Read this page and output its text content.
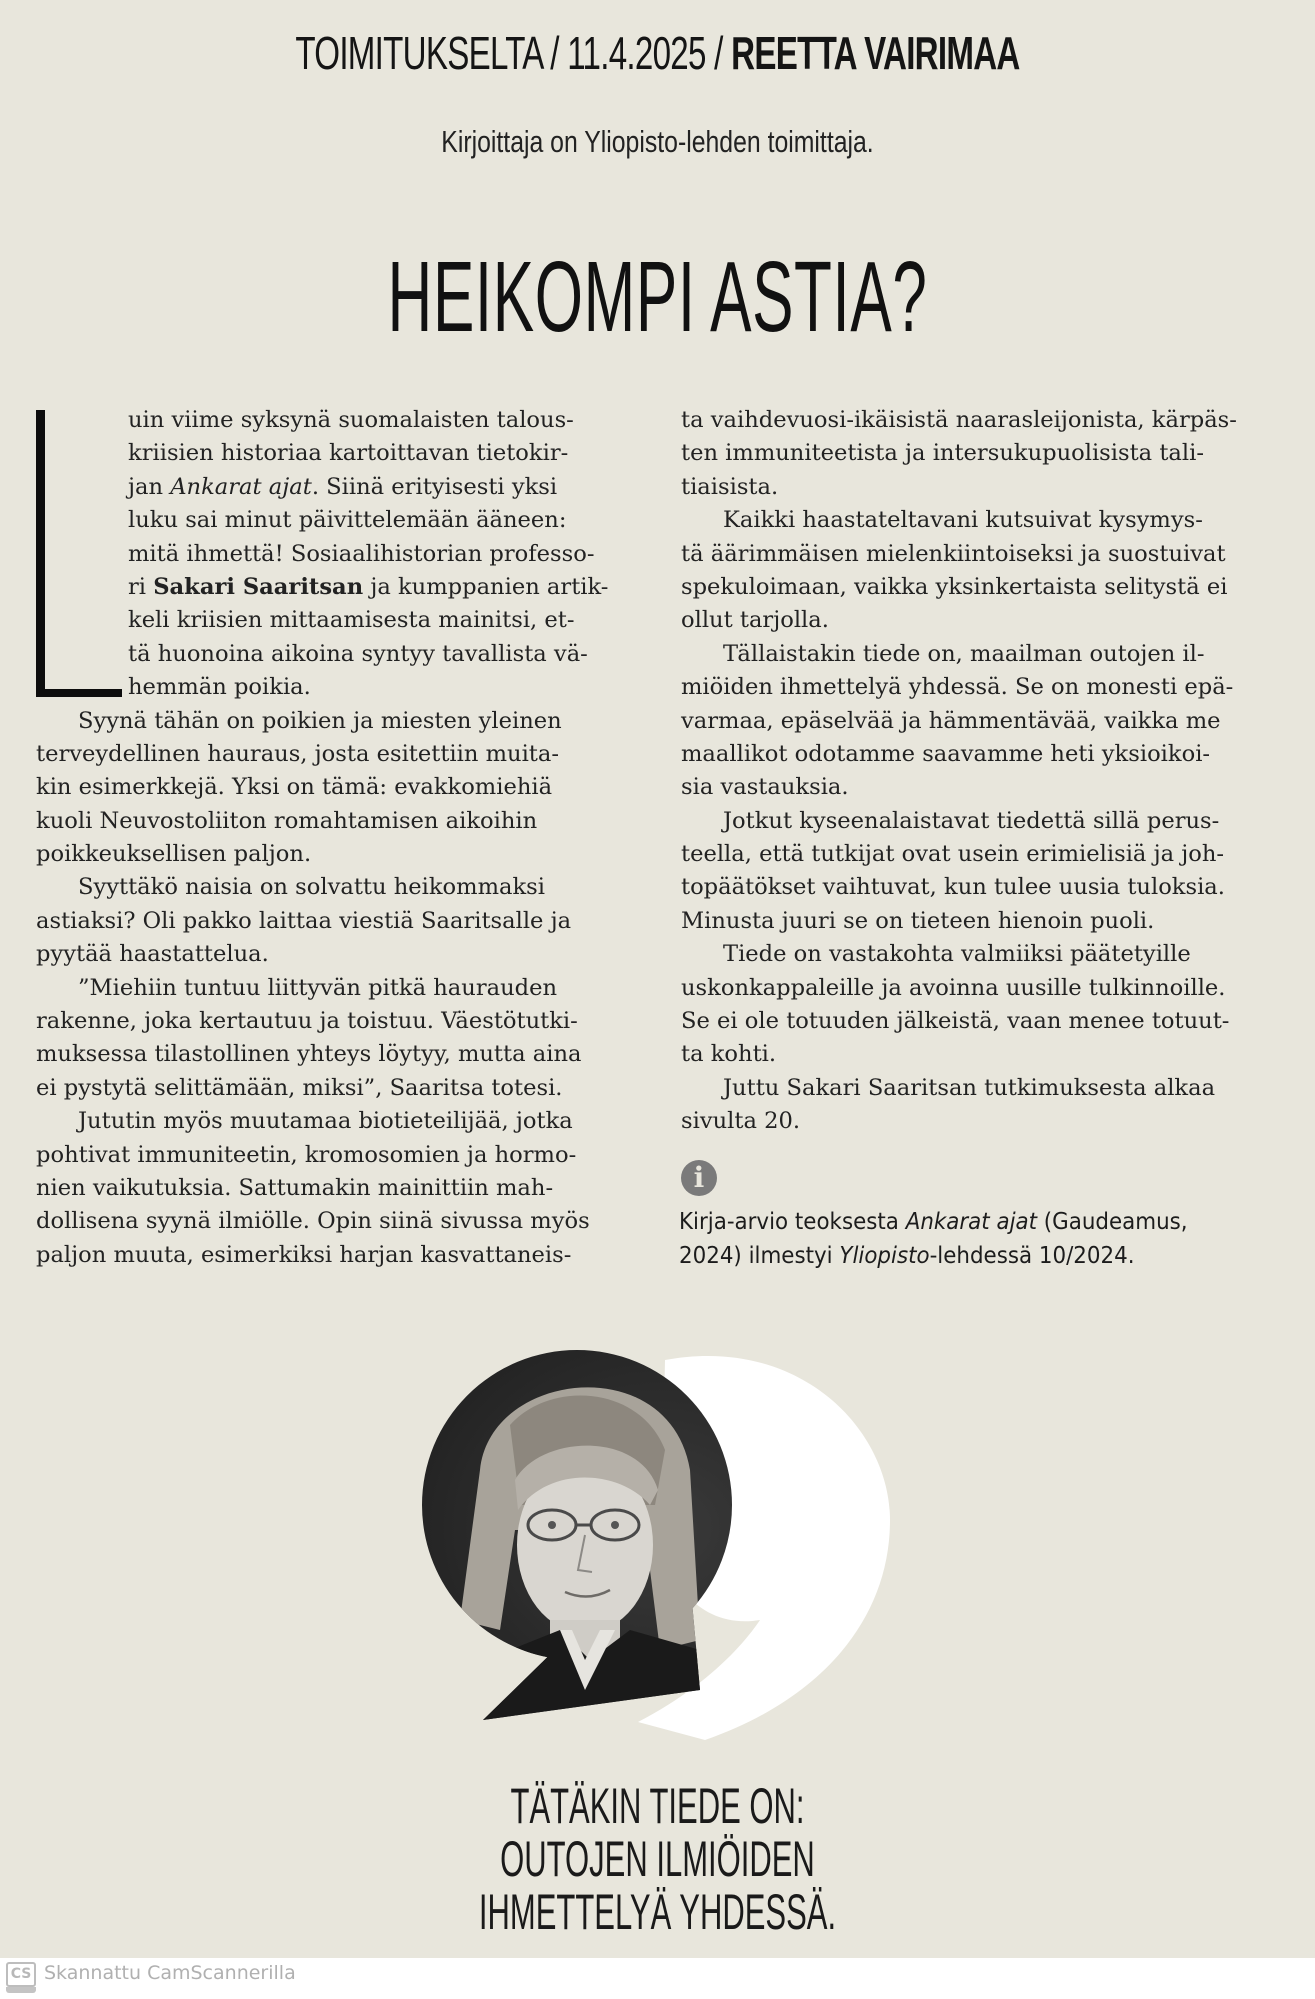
TOIMITUKSELTA / 11.4.2025 / REETTA VAIRIMAA
Kirjoittaja on Yliopisto-lehden toimittaja.
HEIKOMPI ASTIA?
uin viime syksynä suomalaisten talous-
kriisien historiaa kartoittavan tietokir-
jan Ankarat ajat. Siinä erityisesti yksi
luku sai minut päivittelemään ääneen:
mitä ihmettä! Sosiaalihistorian professo-
ri Sakari Saaritsan ja kumppanien artik-
keli kriisien mittaamisesta mainitsi, et-
tä huonoina aikoina syntyy tavallista vä-
hemmän poikia.
Syynä tähän on poikien ja miesten yleinen
terveydellinen hauraus, josta esitettiin muita-
kin esimerkkejä. Yksi on tämä: evakkomiehiä
kuoli Neuvostoliiton romahtamisen aikoihin
poikkeuksellisen paljon.
Syyttäkö naisia on solvattu heikommaksi
astiaksi? Oli pakko laittaa viestiä Saaritsalle ja
pyytää haastattelua.
”Miehiin tuntuu liittyvän pitkä haurauden
rakenne, joka kertautuu ja toistuu. Väestötutki-
muksessa tilastollinen yhteys löytyy, mutta aina
ei pystytä selittämään, miksi”, Saaritsa totesi.
Jututin myös muutamaa biotieteilijää, jotka
pohtivat immuniteetin, kromosomien ja hormo-
nien vaikutuksia. Sattumakin mainittiin mah-
dollisena syynä ilmiölle. Opin siinä sivussa myös
paljon muuta, esimerkiksi harjan kasvattaneis-
ta vaihdevuosi-ikäisistä naarasleijonista, kärpäs-
ten immuniteetista ja intersukupuolisista tali-
tiaisista.
Kaikki haastateltavani kutsuivat kysymys-
tä äärimmäisen mielenkiintoiseksi ja suostuivat
spekuloimaan, vaikka yksinkertaista selitystä ei
ollut tarjolla.
Tällaistakin tiede on, maailman outojen il-
miöiden ihmettelyä yhdessä. Se on monesti epä-
varmaa, epäselvää ja hämmentävää, vaikka me
maallikot odotamme saavamme heti yksioikoi-
sia vastauksia.
Jotkut kyseenalaistavat tiedettä sillä perus-
teella, että tutkijat ovat usein erimielisiä ja joh-
topäätökset vaihtuvat, kun tulee uusia tuloksia.
Minusta juuri se on tieteen hienoin puoli.
Tiede on vastakohta valmiiksi päätetyille
uskonkappaleille ja avoinna uusille tulkinnoille.
Se ei ole totuuden jälkeistä, vaan menee totuut-
ta kohti.
Juttu Sakari Saaritsan tutkimuksesta alkaa
sivulta 20.
i
Kirja-arvio teoksesta Ankarat ajat (Gaudeamus,
2024) ilmestyi Yliopisto-lehdessä 10/2024.
TÄTÄKIN TIEDE ON:
OUTOJEN ILMIÖIDEN
IHMETTELYÄ YHDESSÄ.
CS Skannattu CamScannerilla
